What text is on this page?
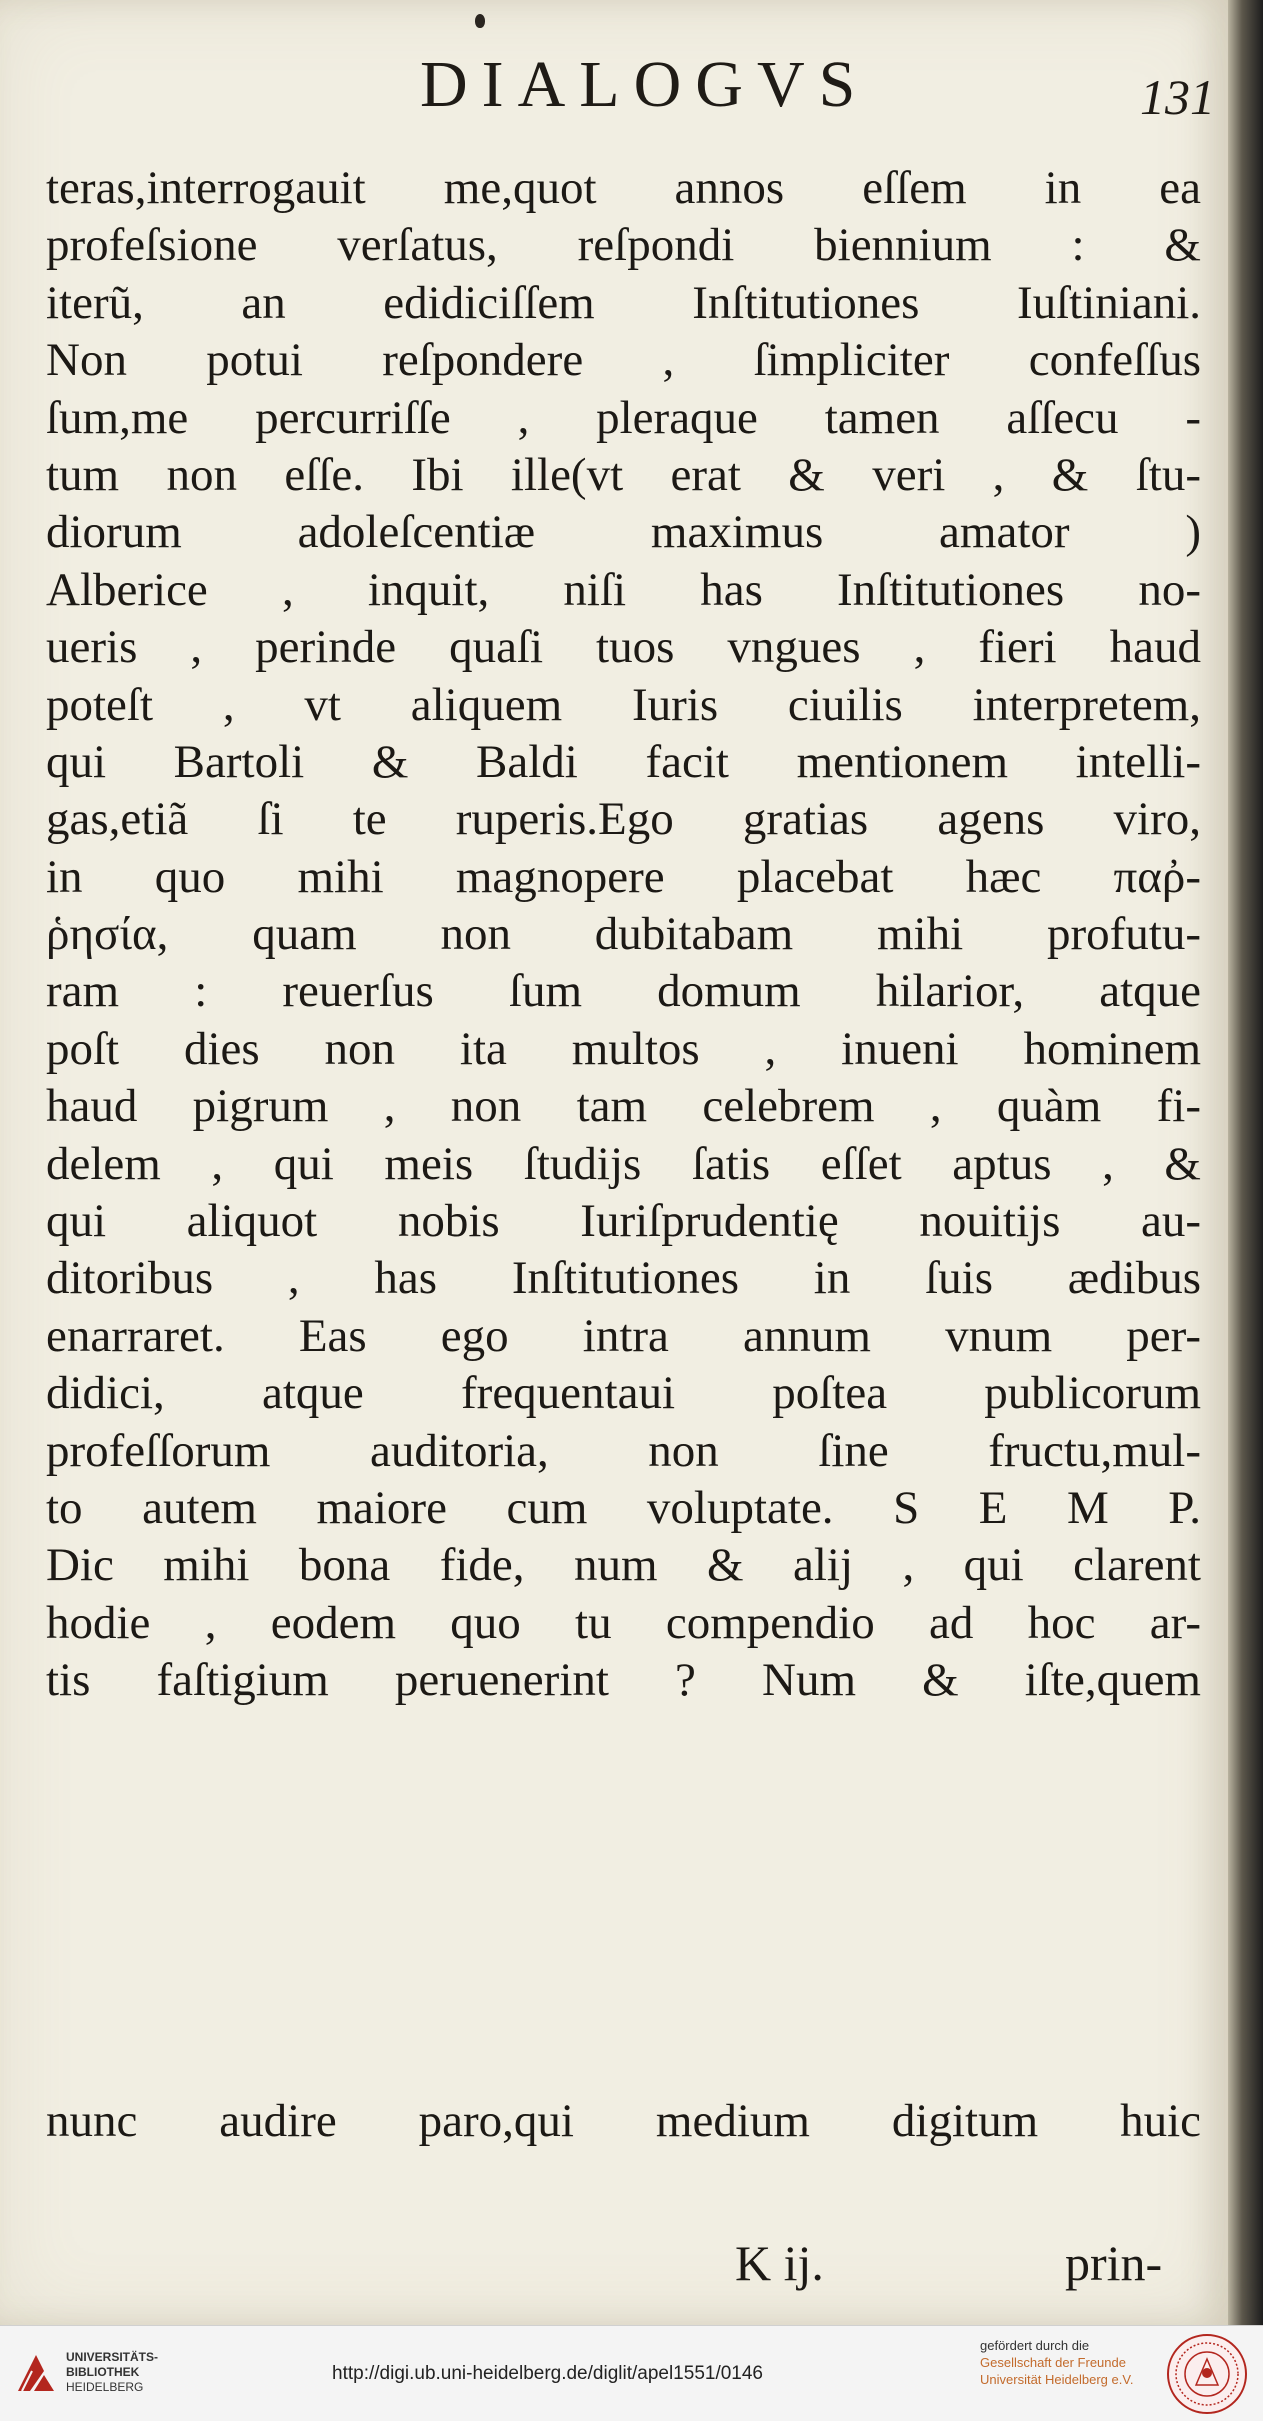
DIALOGVS	131
teras,interrogauit me,quot annos eſſem in ea
profeſsione verſatus, reſpondi biennium : &
iterũ, an edidiciſſem Inſtitutiones Iuſtiniani.
Non potui reſpondere , ſimpliciter confeſſus
ſum,me percurriſſe , pleraque tamen aſſecu -
tum non eſſe. Ibi ille(vt erat & veri , & ſtu-
diorum adoleſcentiæ maximus amator )
Alberice , inquit, niſi has Inſtitutiones no-
ueris , perinde quaſi tuos vngues , fieri haud
poteſt , vt aliquem Iuris ciuilis interpretem,
qui Bartoli & Baldi facit mentionem intelli-
gas,etiã ſi te ruperis.Ego gratias agens viro,
in quo mihi magnopere placebat hæc παῤ-
ῥησία, quam non dubitabam mihi profutu-
ram : reuerſus ſum domum hilarior, atque
poſt dies non ita multos , inueni hominem
haud pigrum , non tam celebrem , quàm fi-
delem , qui meis ſtudijs ſatis eſſet aptus , &
qui aliquot nobis Iuriſprudentię nouitijs au-
ditoribus , has Inſtitutiones in ſuis ædibus
enarraret. Eas ego intra annum vnum per-
didici, atque frequentaui poſtea publicorum
profeſſorum auditoria, non ſine fructu,mul-
to autem maiore cum voluptate. S E M P.
Dic mihi bona fide, num & alij , qui clarent
hodie , eodem quo tu compendio ad hoc ar-
tis faſtigium peruenerint ? Num & iſte,quem
nunc audire paro,qui medium digitum huic
K ij.	prin-
UNIVERSITÄTS-
BIBLIOTHEK
HEIDELBERG
http://digi.ub.uni-heidelberg.de/diglit/apel1551/0146
gefördert durch die
Gesellschaft der Freunde
Universität Heidelberg e.V.
